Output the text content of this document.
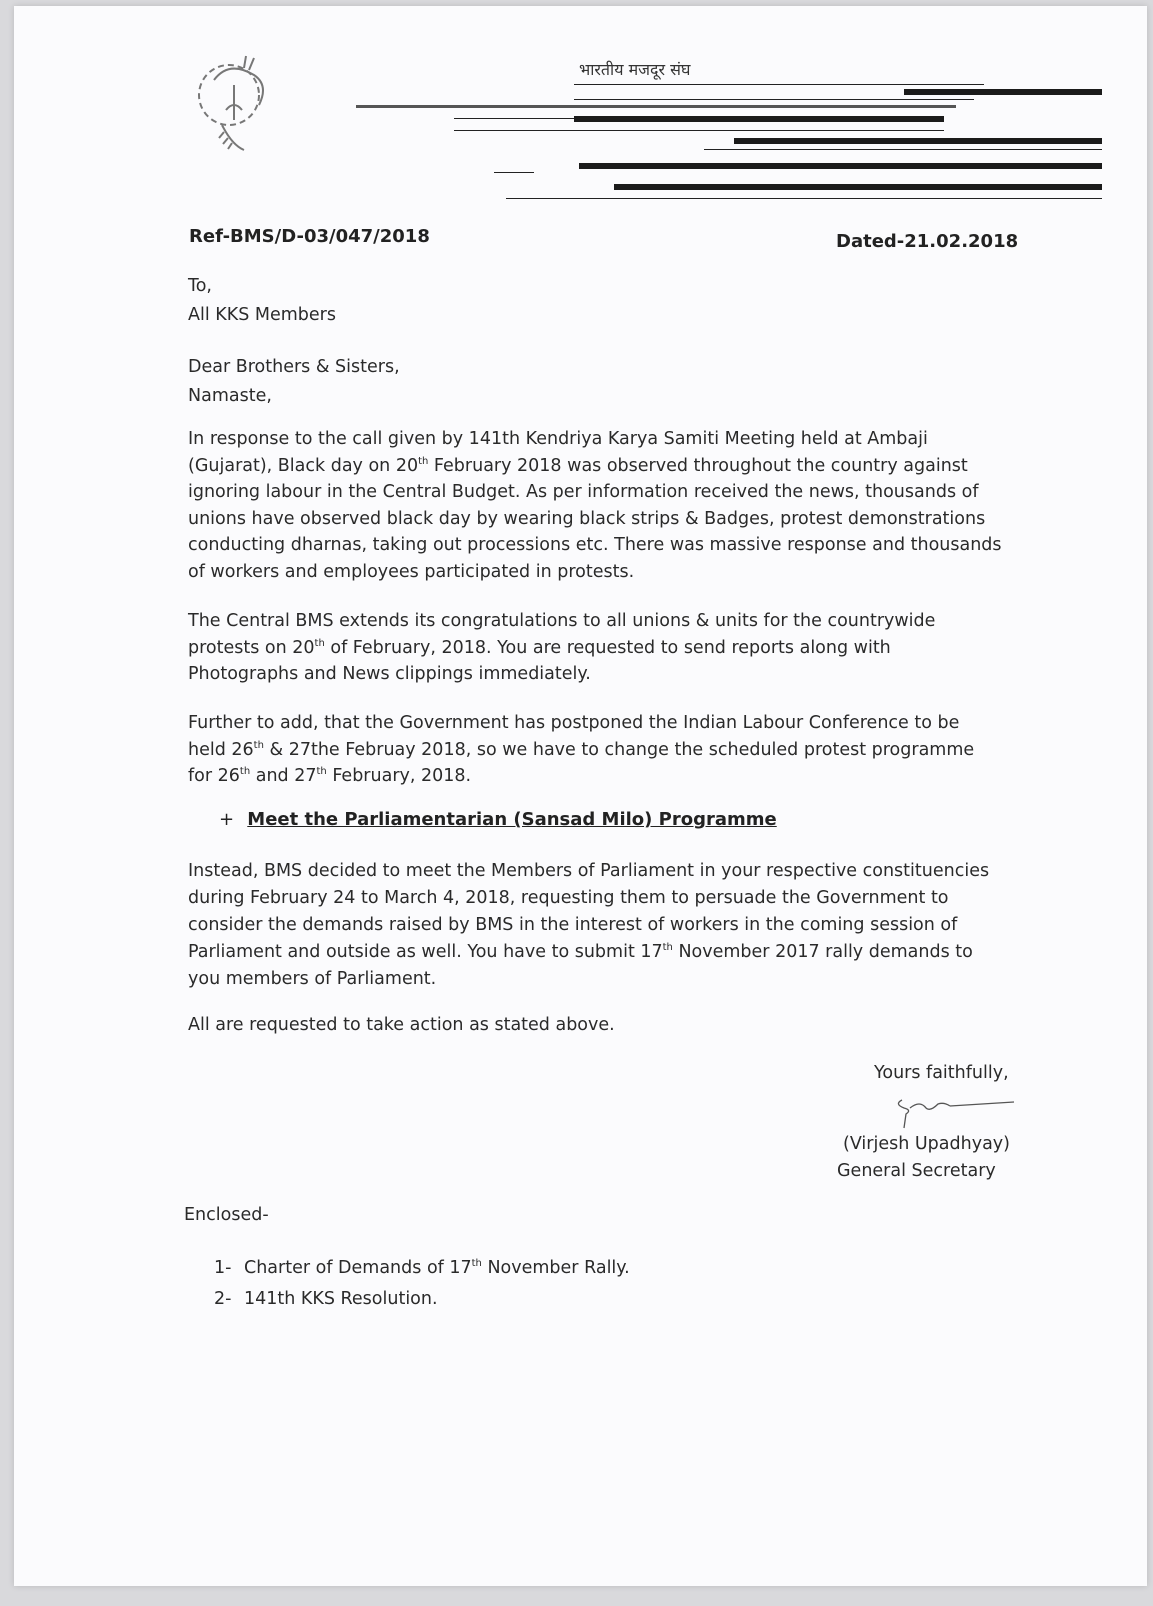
भारतीय मजदूर संघ
Ref-BMS/D-03/047/2018	Dated-21.02.2018
To,
All KKS Members
Dear Brothers & Sisters,
Namaste,
In response to the call given by 141th Kendriya Karya Samiti Meeting held at Ambaji
(Gujarat), Black day on 20th February 2018 was observed throughout the country against
ignoring labour in the Central Budget. As per information received the news, thousands of
unions have observed black day by wearing black strips & Badges, protest demonstrations
conducting dharnas, taking out processions etc. There was massive response and thousands
of workers and employees participated in protests.
The Central BMS extends its congratulations to all unions & units for the countrywide
protests on 20th of February, 2018. You are requested to send reports along with
Photographs and News clippings immediately.
Further to add, that the Government has postponed the Indian Labour Conference to be
held 26th & 27the Februay 2018, so we have to change the scheduled protest programme
for 26th and 27th February, 2018.
+ Meet the Parliamentarian (Sansad Milo) Programme
Instead, BMS decided to meet the Members of Parliament in your respective constituencies
during February 24 to March 4, 2018, requesting them to persuade the Government to
consider the demands raised by BMS in the interest of workers in the coming session of
Parliament and outside as well. You have to submit 17th November 2017 rally demands to
you members of Parliament.
All are requested to take action as stated above.
Yours faithfully,
(Virjesh Upadhyay)
General Secretary
Enclosed-
1- Charter of Demands of 17th November Rally.
2- 141th KKS Resolution.
